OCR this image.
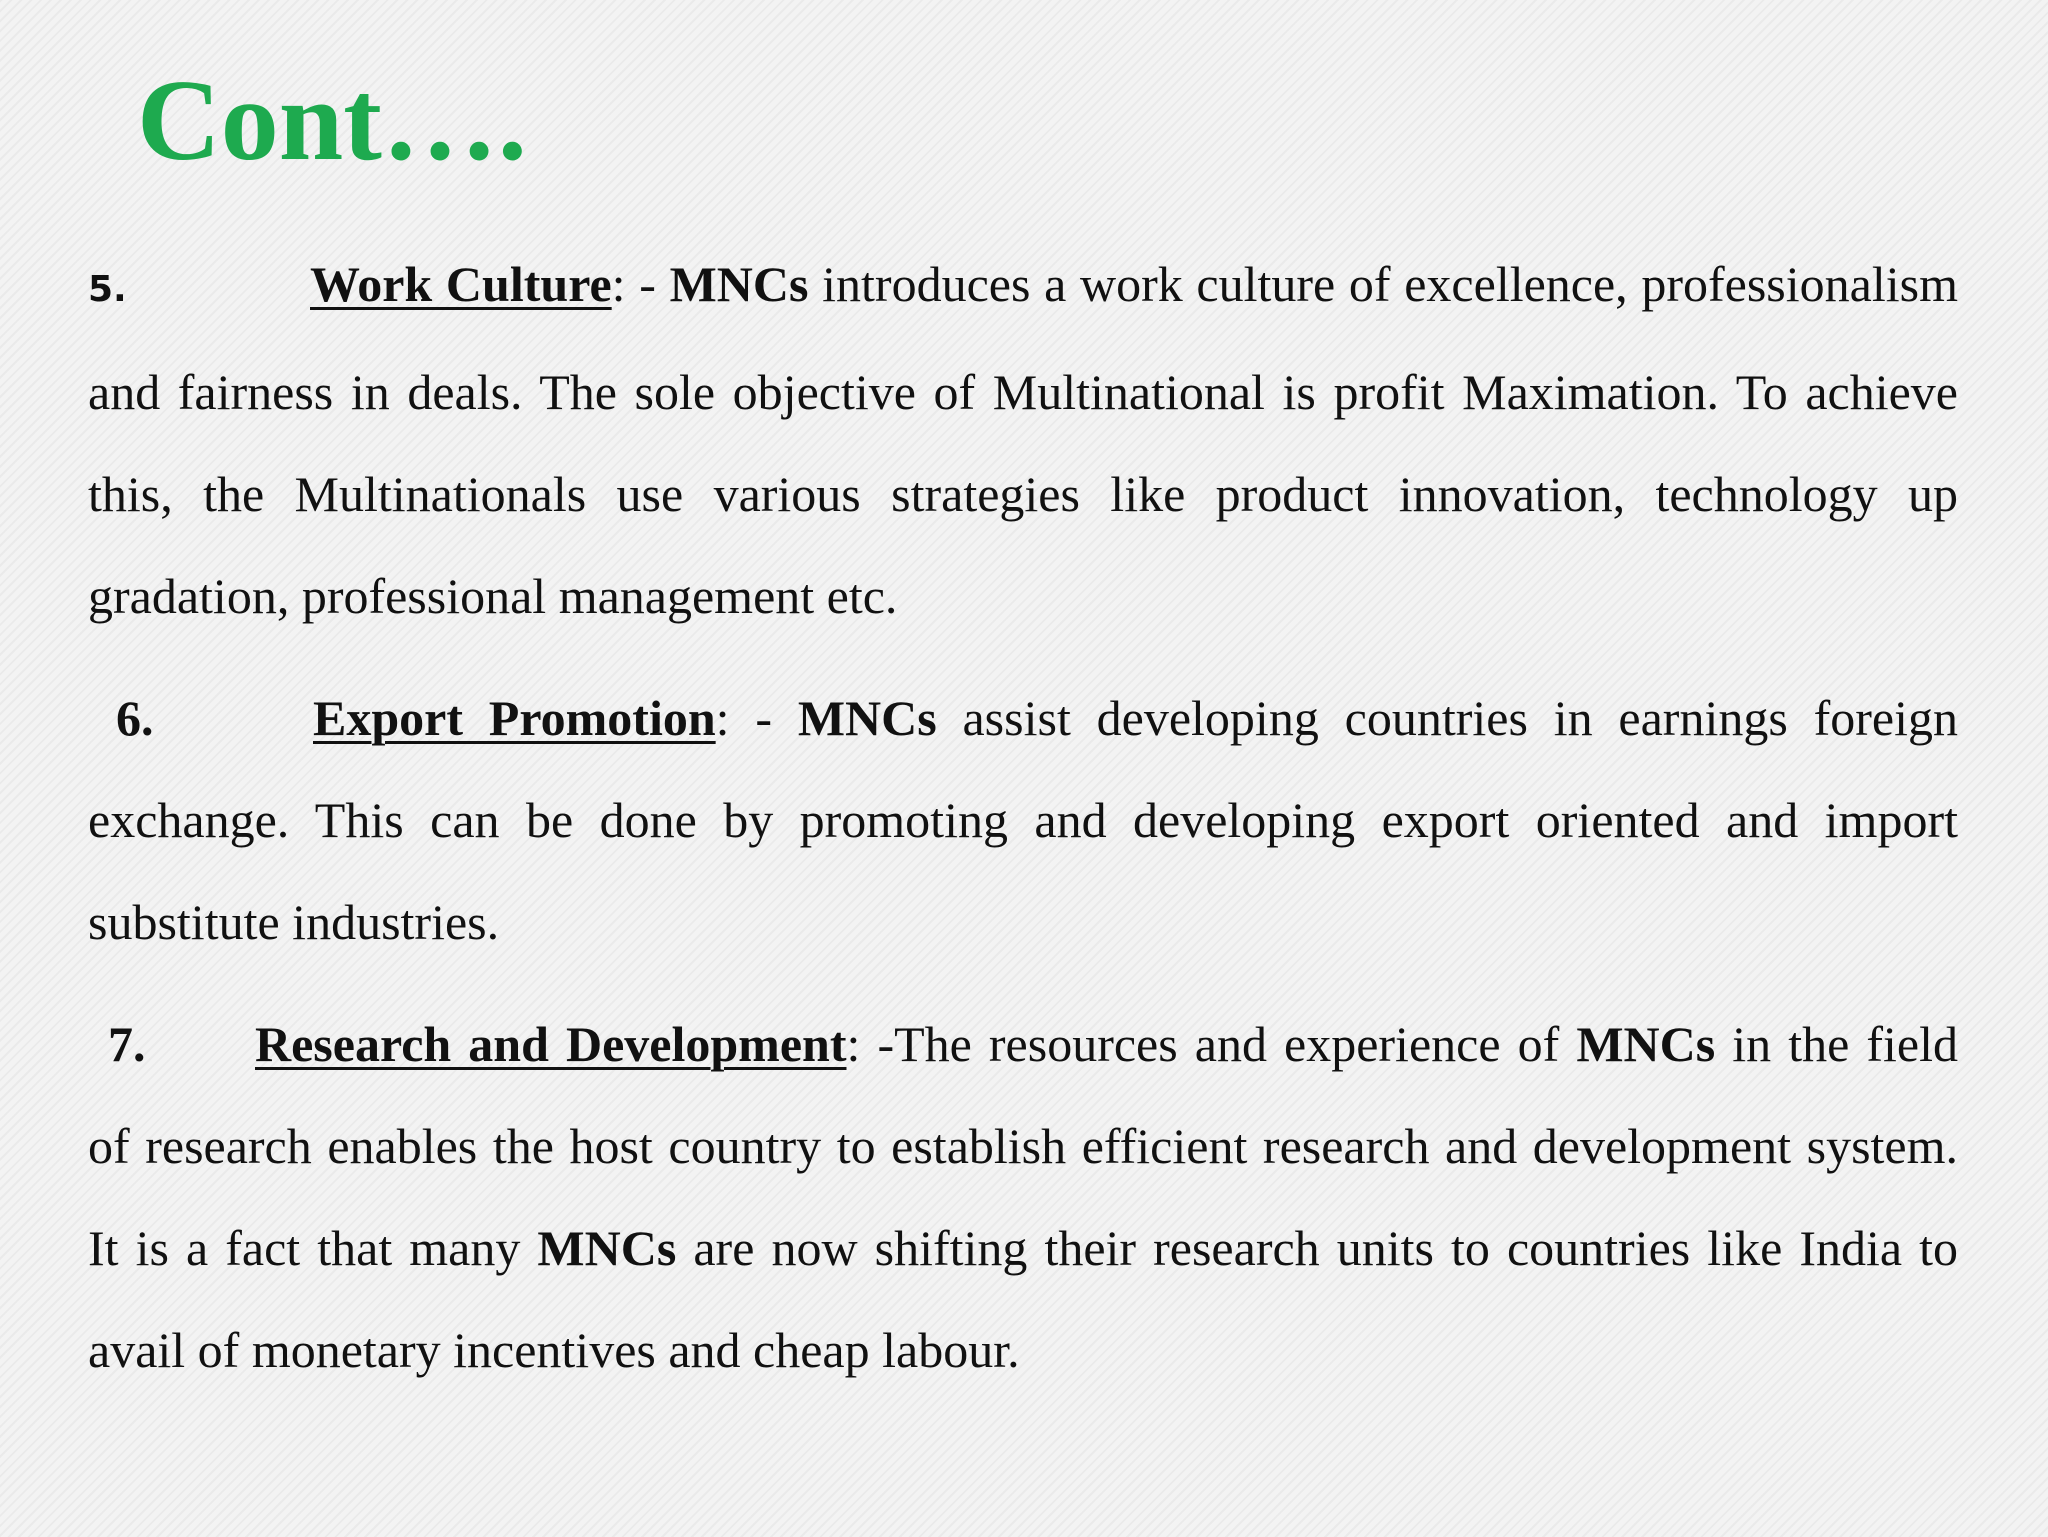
Cont….

5.	Work Culture: - MNCs introduces a work culture of excellence, professionalism and fairness in deals. The sole objective of Multinational is profit Maximation. To achieve this, the Multinationals use various strategies like product innovation, technology up gradation, professional management etc.

6.	Export Promotion: - MNCs assist developing countries in earnings foreign exchange. This can be done by promoting and developing export oriented and import substitute industries.

7. Research and Development: -The resources and experience of MNCs in the field of research enables the host country to establish efficient research and development system. It is a fact that many MNCs are now shifting their research units to countries like India to avail of monetary incentives and cheap labour.
